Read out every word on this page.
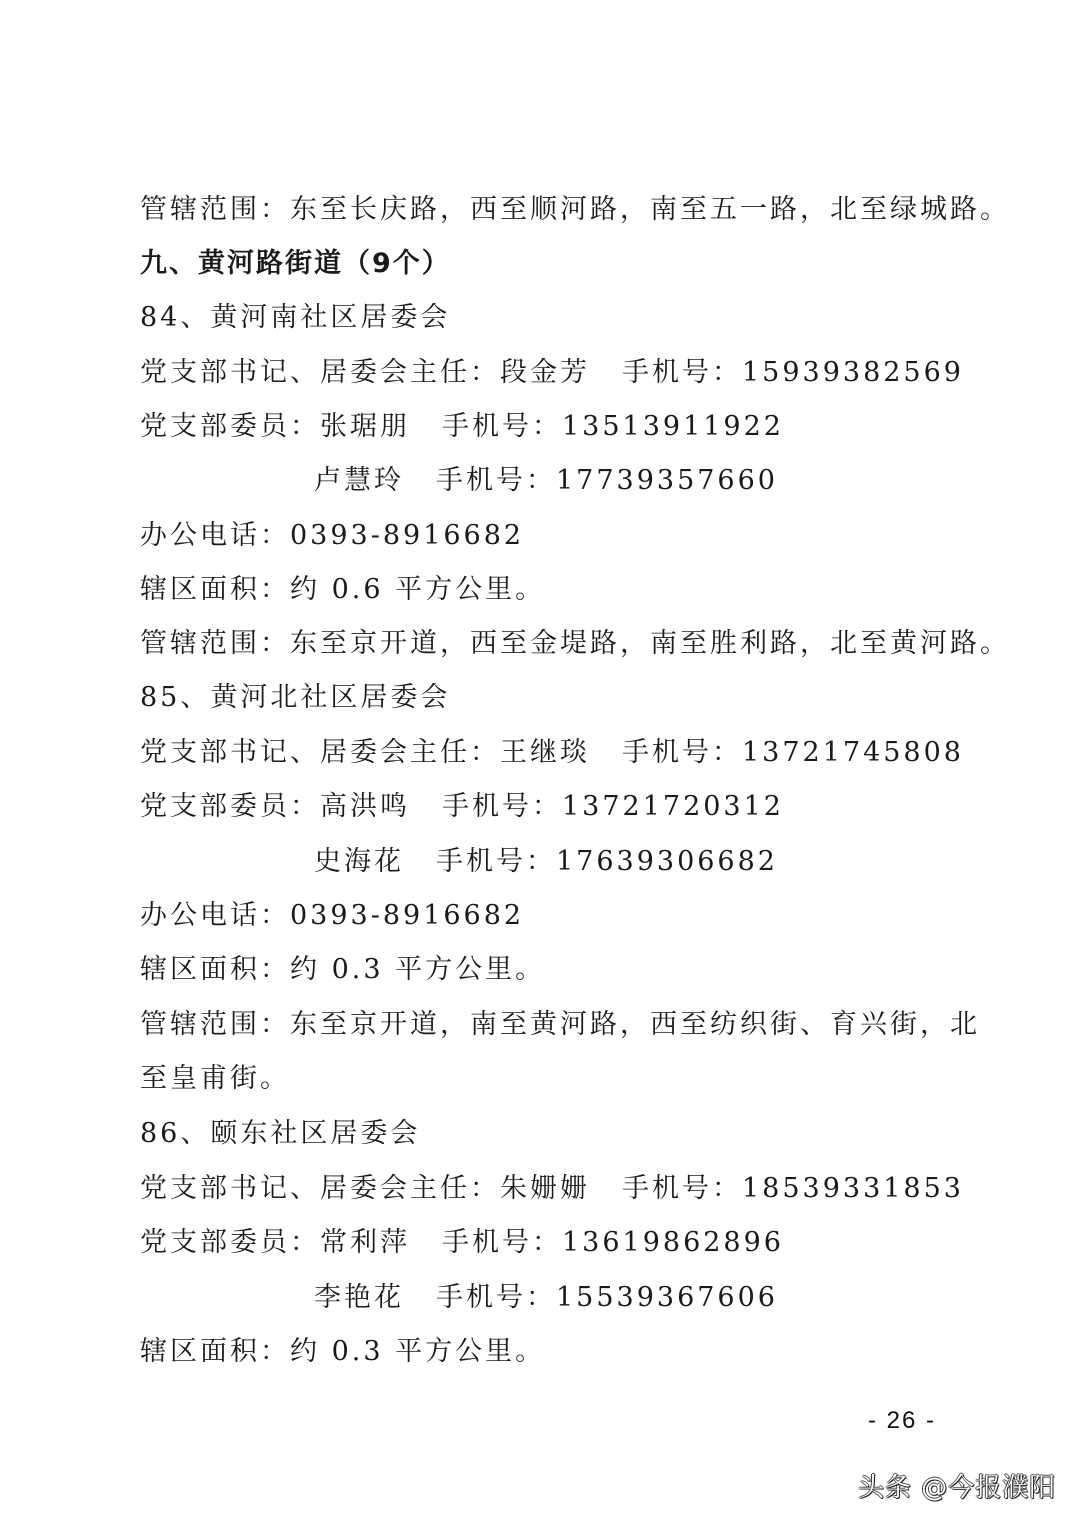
管辖范围：东至长庆路，西至顺河路，南至五一路，北至绿城路。
九、黄河路街道（9个）
84、黄河南社区居委会
党支部书记、居委会主任：段金芳 手机号：15939382569
党支部委员：张琚朋 手机号：13513911922
卢慧玲 手机号：17739357660
办公电话：0393-8916682
辖区面积：约 0.6 平方公里。
管辖范围：东至京开道，西至金堤路，南至胜利路，北至黄河路。
85、黄河北社区居委会
党支部书记、居委会主任：王继琰 手机号：13721745808
党支部委员：高洪鸣 手机号：13721720312
史海花 手机号：17639306682
办公电话：0393-8916682
辖区面积：约 0.3 平方公里。
管辖范围：东至京开道，南至黄河路，西至纺织街、育兴街，北
至皇甫街。
86、颐东社区居委会
党支部书记、居委会主任：朱姗姗 手机号：18539331853
党支部委员：常利萍 手机号：13619862896
李艳花 手机号：15539367606
辖区面积：约 0.3 平方公里。
- 26 -
头条 @今报濮阳
